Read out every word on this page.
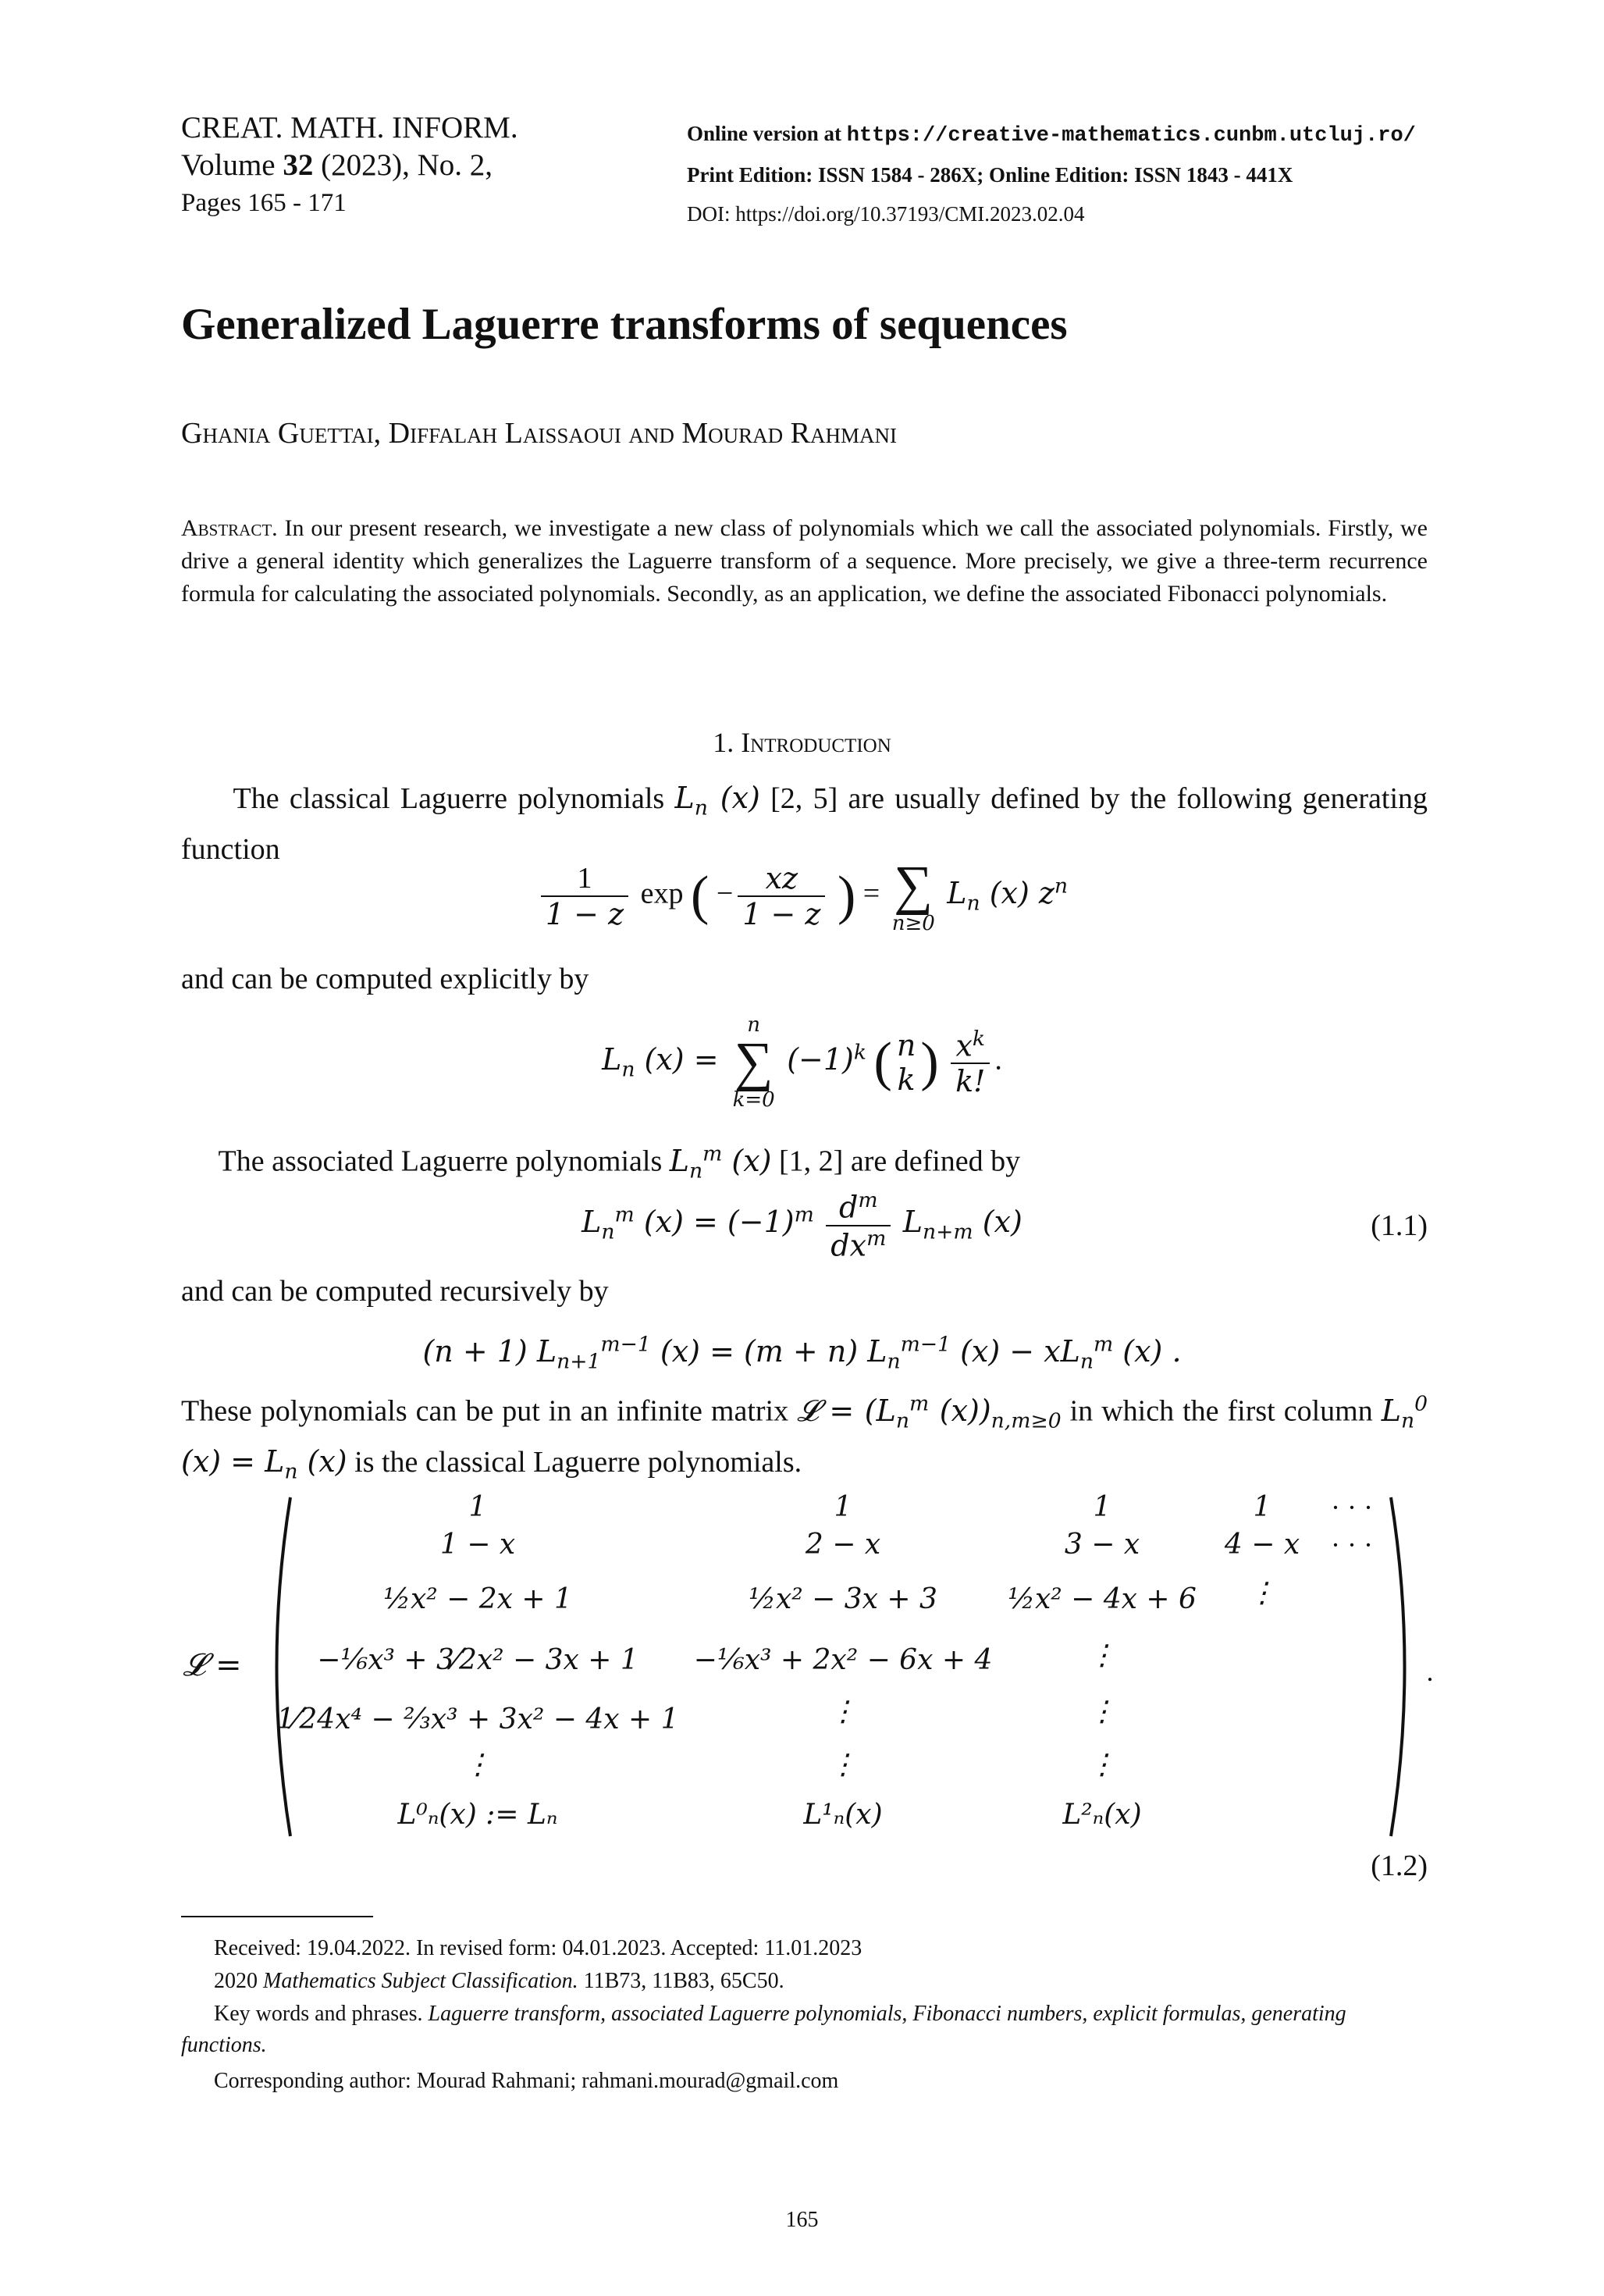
CREAT. MATH. INFORM.
Volume 32 (2023), No. 2,
Pages 165 - 171
Online version at https://creative-mathematics.cunbm.utcluj.ro/
Print Edition: ISSN 1584 - 286X; Online Edition: ISSN 1843 - 441X
DOI: https://doi.org/10.37193/CMI.2023.02.04
Generalized Laguerre transforms of sequences
Ghania Guettai, Diffalah Laissaoui and Mourad Rahmani
Abstract. In our present research, we investigate a new class of polynomials which we call the associated polynomials. Firstly, we drive a general identity which generalizes the Laguerre transform of a sequence. More precisely, we give a three-term recurrence formula for calculating the associated polynomials. Secondly, as an application, we define the associated Fibonacci polynomials.
1. Introduction
The classical Laguerre polynomials $L_n$ (x) [2, 5] are usually defined by the following generating function
$\frac{1}{1 - z}$ exp ( − $\frac{xz}{1 - z}$ ) = ∑
n≥0
$L_n$ (x) $z^n$
and can be computed explicitly by
$L_n$ (x) =
n
∑
k=0
$(-1)^k$ ( n
k ) $\frac{x^k}{k!}$ .
The associated Laguerre polynomials $L_n^m$ (x) [1, 2] are defined by
$L_n^m$ $(x) = (-1)^m \frac{d^m}{dx^m} L_{n+m}$ (x)	(1.1)
and can be computed recursively by
(n + 1) $L_{n+1}^{m-1}$ (x) = (m + n) $L_n^{m-1}$ $(x) - xL_n^m$ (x) .
These polynomials can be put in an infinite matrix 𝓛 = ($L_n^m$ $(x))_{n,m\ge 0}$ in which the first column $L_n^0$ $(x) = L_n$ (x) is the classical Laguerre polynomials.
𝓛 =	.
1
1 − x
½x² − 2x + 1
−⅙x³ + 3⁄2x² − 3x + 1
1⁄24x⁴ − ⅔x³ + 3x² − 4x + 1
⋮
L⁰ₙ(x) := Lₙ
1
2 − x
½x² − 3x + 3
−⅙x³ + 2x² − 6x + 4
⋮
⋮
L¹ₙ(x)
1
3 − x
½x² − 4x + 6
⋮
⋮
⋮
L²ₙ(x)
1
4 − x
⋮
· · ·
· · ·
(1.2)
Received: 19.04.2022. In revised form: 04.01.2023. Accepted: 11.01.2023
2020 Mathematics Subject Classification. 11B73, 11B83, 65C50.
Key words and phrases. Laguerre transform, associated Laguerre polynomials, Fibonacci numbers, explicit formulas, generating functions.
Corresponding author: Mourad Rahmani; rahmani.mourad@gmail.com
165
